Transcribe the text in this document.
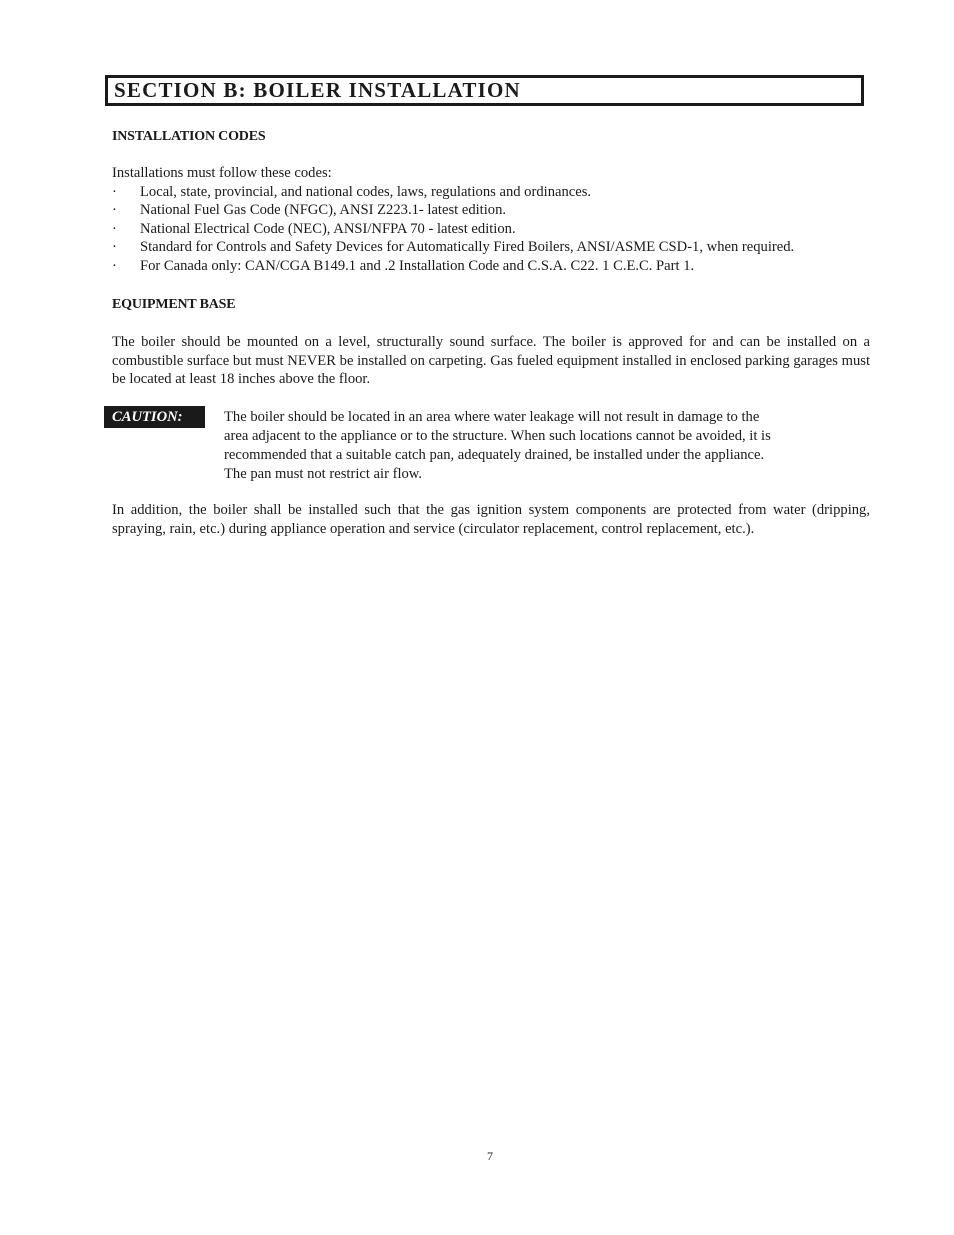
SECTION B: BOILER INSTALLATION
INSTALLATION CODES
Installations must follow these codes:
·	Local, state, provincial, and national codes, laws, regulations and ordinances.
·	National Fuel Gas Code (NFGC), ANSI Z223.1- latest edition.
·	National Electrical Code (NEC), ANSI/NFPA 70 - latest edition.
·	Standard for Controls and Safety Devices for Automatically Fired Boilers, ANSI/ASME CSD-1, when required.
·	For Canada only: CAN/CGA B149.1 and .2 Installation Code and C.S.A. C22. 1 C.E.C. Part 1.
EQUIPMENT BASE
The boiler should be mounted on a level, structurally sound surface. The boiler is approved for and can be installed on a combustible surface but must NEVER be installed on carpeting. Gas fueled equipment installed in enclosed parking garages must be located at least 18 inches above the floor.
CAUTION:	The boiler should be located in an area where water leakage will not result in damage to the
area adjacent to the appliance or to the structure. When such locations cannot be avoided, it is
recommended that a suitable catch pan, adequately drained, be installed under the appliance.
The pan must not restrict air flow.
In addition, the boiler shall be installed such that the gas ignition system components are protected from water (dripping, spraying, rain, etc.) during appliance operation and service (circulator replacement, control replacement, etc.).
7
